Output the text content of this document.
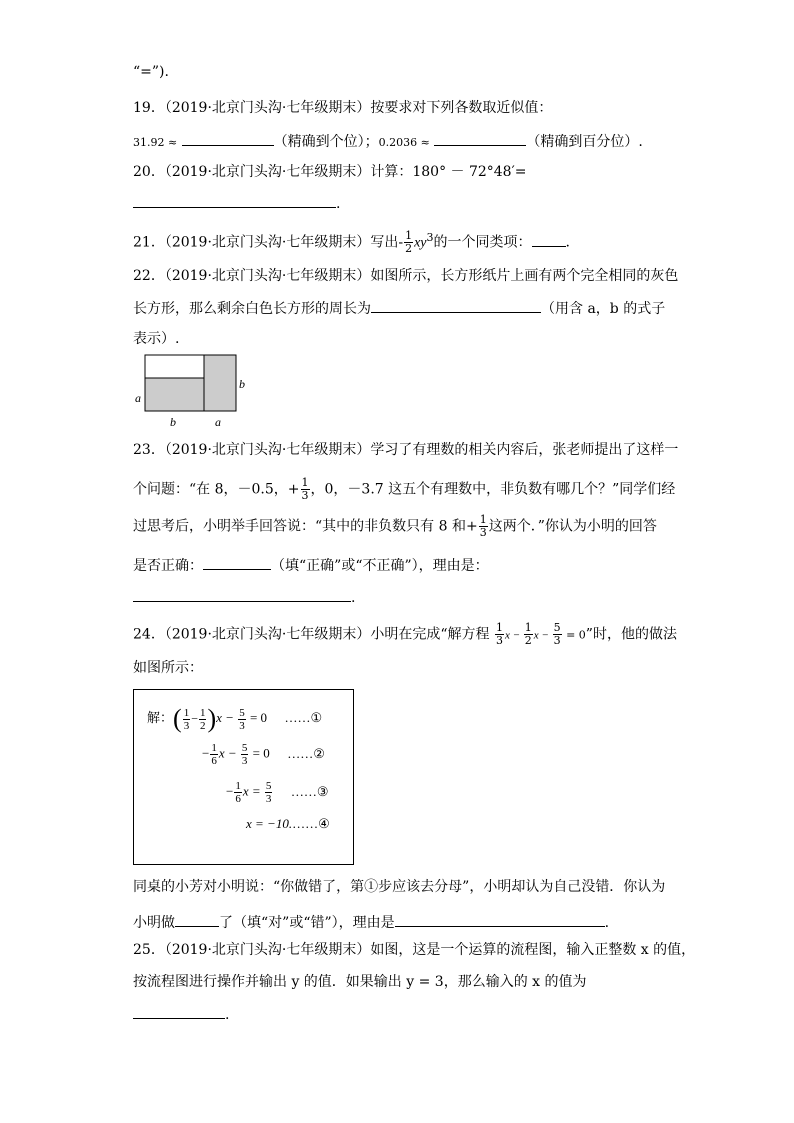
“=”).
19．（2019·北京门头沟·七年级期末）按要求对下列各数取近似值：
31.92 ≈	（精确到个位）；0.2036 ≈	（精确到百分位）.
20．（2019·北京门头沟·七年级期末）计算：180° － 72°48′=
.
21．（2019·北京门头沟·七年级期末）写出- $\frac{1}{2} xy^3$的一个同类项： .
22．（2019·北京门头沟·七年级期末）如图所示，长方形纸片上画有两个完全相同的灰色
长方形，那么剩余白色长方形的周长为	（用含 a，b 的式子
表示）.
a
b
b	a
23．（2019·北京门头沟·七年级期末）学习了有理数的相关内容后，张老师提出了这样一
个问题：“在 8，－0.5，+ $\frac{1}{3}$ ，0，－3.7 这五个有理数中，非负数有哪几个？”同学们经
过思考后，小明举手回答说：“其中的非负数只有 8 和+ $\frac{1}{3}$ 这两个．”你认为小明的回答
是否正确：	（填“正确”或“不正确”），理由是：
.
24．（2019·北京门头沟·七年级期末）小明在完成“解方程 $\frac{1}{3}$ $x - \frac{1}{2}$ $x - \frac{5}{3} = 0$”时，他的做法
如图所示：
解：( $\frac{1}{3} - \frac{1}{2} )x - \frac{5}{3} = 0$ ……①
− $\frac{1}{6}$ $x - \frac{5}{3} = 0$ ……②
− $\frac{1}{6}$ $x = \frac{5}{3}$ ……③
x = −10.……④
同桌的小芳对小明说：“你做错了，第①步应该去分母”，小明却认为自己没错．你认为
小明做	了（填“对”或“错”），理由是	.
25．（2019·北京门头沟·七年级期末）如图，这是一个运算的流程图，输入正整数 x 的值，
按流程图进行操作并输出 y 的值．如果输出 y = 3，那么输入的 x 的值为
.
